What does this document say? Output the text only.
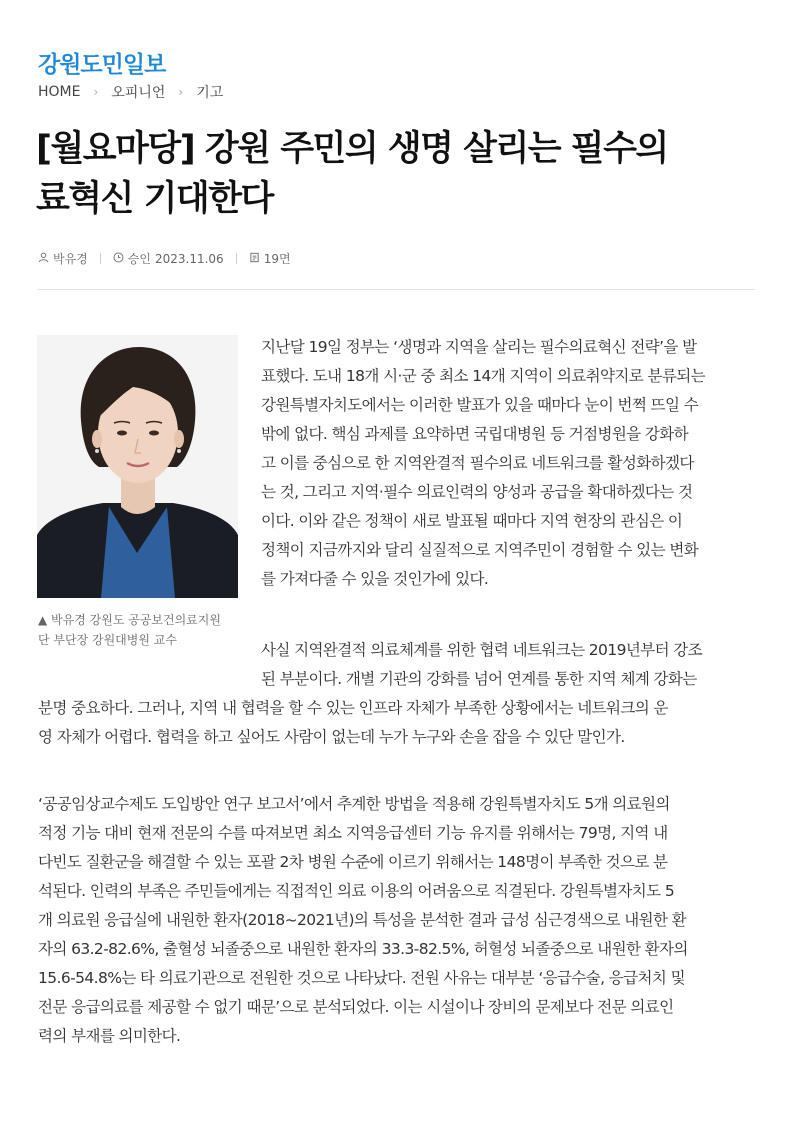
강원도민일보
HOME › 오피니언 › 기고
[월요마당] 강원 주민의 생명 살리는 필수의
료혁신 기대한다
박유경	승인 2023.11.06	19면
▲ 박유경 강원도 공공보건의료지원
단 부단장 강원대병원 교수
지난달 19일 정부는 ‘생명과 지역을 살리는 필수의료혁신 전략’을 발
표했다. 도내 18개 시·군 중 최소 14개 지역이 의료취약지로 분류되는
강원특별자치도에서는 이러한 발표가 있을 때마다 눈이 번쩍 뜨일 수
밖에 없다. 핵심 과제를 요약하면 국립대병원 등 거점병원을 강화하
고 이를 중심으로 한 지역완결적 필수의료 네트워크를 활성화하겠다
는 것, 그리고 지역·필수 의료인력의 양성과 공급을 확대하겠다는 것
이다. 이와 같은 정책이 새로 발표될 때마다 지역 현장의 관심은 이
정책이 지금까지와 달리 실질적으로 지역주민이 경험할 수 있는 변화
를 가져다줄 수 있을 것인가에 있다.
사실 지역완결적 의료체계를 위한 협력 네트워크는 2019년부터 강조
된 부분이다. 개별 기관의 강화를 넘어 연계를 통한 지역 체계 강화는
분명 중요하다. 그러나, 지역 내 협력을 할 수 있는 인프라 자체가 부족한 상황에서는 네트워크의 운
영 자체가 어렵다. 협력을 하고 싶어도 사람이 없는데 누가 누구와 손을 잡을 수 있단 말인가.
‘공공임상교수제도 도입방안 연구 보고서’에서 추계한 방법을 적용해 강원특별자치도 5개 의료원의
적정 기능 대비 현재 전문의 수를 따져보면 최소 지역응급센터 기능 유지를 위해서는 79명, 지역 내
다빈도 질환군을 해결할 수 있는 포괄 2차 병원 수준에 이르기 위해서는 148명이 부족한 것으로 분
석된다. 인력의 부족은 주민들에게는 직접적인 의료 이용의 어려움으로 직결된다. 강원특별자치도 5
개 의료원 응급실에 내원한 환자(2018~2021년)의 특성을 분석한 결과 급성 심근경색으로 내원한 환
자의 63.2-82.6%, 출혈성 뇌졸중으로 내원한 환자의 33.3-82.5%, 허혈성 뇌졸중으로 내원한 환자의
15.6-54.8%는 타 의료기관으로 전원한 것으로 나타났다. 전원 사유는 대부분 ‘응급수술, 응급처치 및
전문 응급의료를 제공할 수 없기 때문’으로 분석되었다. 이는 시설이나 장비의 문제보다 전문 의료인
력의 부재를 의미한다.
